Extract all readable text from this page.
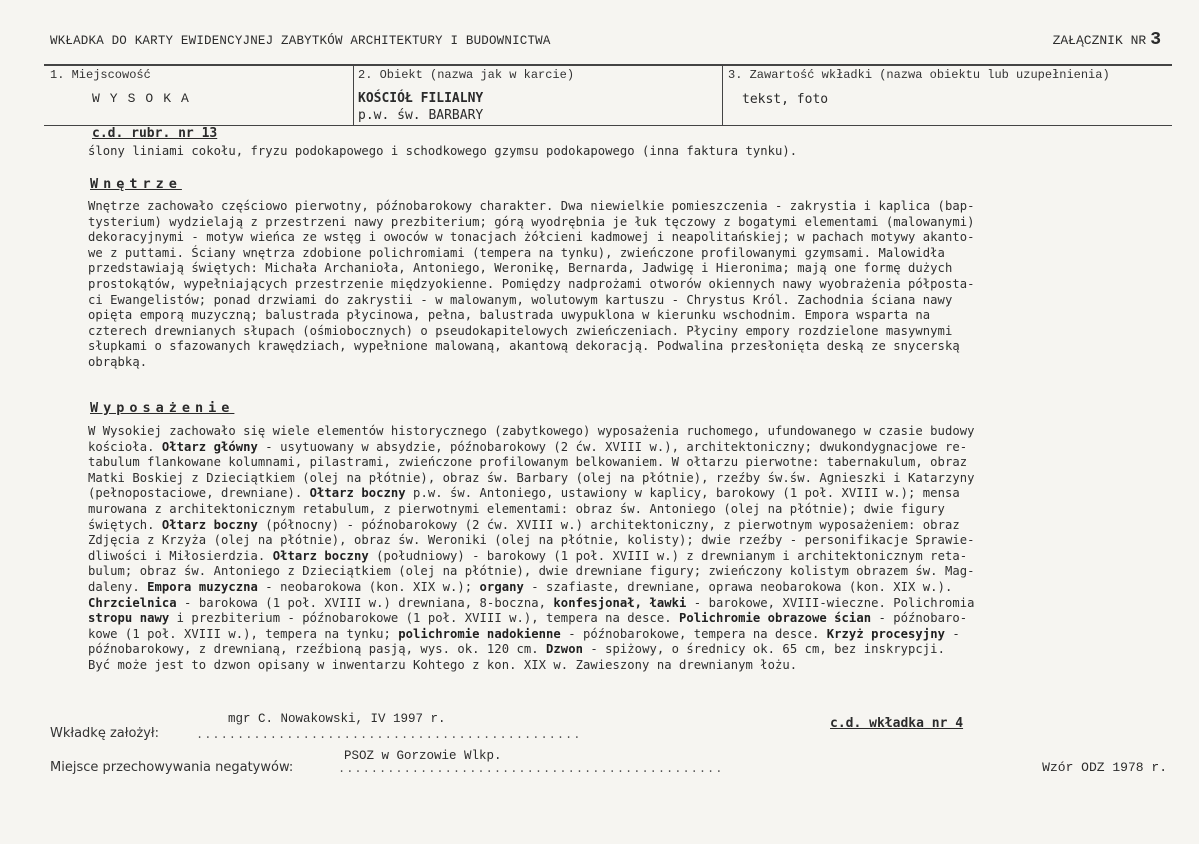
WKŁADKA DO KARTY EWIDENCYJNEJ ZABYTKÓW ARCHITEKTURY I BUDOWNICTWA	ZAŁĄCZNIK NR 3
1. Miejscowość
WYSOKA
2. Obiekt (nazwa jak w karcie)
KOŚCIÓŁ FILIALNY
p.w. św. BARBARY
3. Zawartość wkładki (nazwa obiektu lub uzupełnienia)
tekst, foto
c.d. rubr. nr 13
ślony liniami cokołu, fryzu podokapowego i schodkowego gzymsu podokapowego (inna faktura tynku).
Wnętrze
Wnętrze zachowało częściowo pierwotny, późnobarokowy charakter. Dwa niewielkie pomieszczenia - zakrystia i kaplica (bap-
tysterium) wydzielają z przestrzeni nawy prezbiterium; górą wyodrębnia je łuk tęczowy z bogatymi elementami (malowanymi)
dekoracyjnymi - motyw wieńca ze wstęg i owoców w tonacjach żółcieni kadmowej i neapolitańskiej; w pachach motywy akanto-
we z puttami. Ściany wnętrza zdobione polichromiami (tempera na tynku), zwieńczone profilowanymi gzymsami. Malowidła
przedstawiają świętych: Michała Archanioła, Antoniego, Weronikę, Bernarda, Jadwigę i Hieronima; mają one formę dużych
prostokątów, wypełniających przestrzenie międzyokienne. Pomiędzy nadprożami otworów okiennych nawy wyobrażenia półposta-
ci Ewangelistów; ponad drzwiami do zakrystii - w malowanym, wolutowym kartuszu - Chrystus Król. Zachodnia ściana nawy
opięta emporą muzyczną; balustrada płycinowa, pełna, balustrada uwypuklona w kierunku wschodnim. Empora wsparta na
czterech drewnianych słupach (ośmiobocznych) o pseudokapitelowych zwieńczeniach. Płyciny empory rozdzielone masywnymi
słupkami o sfazowanych krawędziach, wypełnione malowaną, akantową dekoracją. Podwalina przesłonięta deską ze snycerską
obrąbką.
Wyposażenie
W Wysokiej zachowało się wiele elementów historycznego (zabytkowego) wyposażenia ruchomego, ufundowanego w czasie budowy
kościoła. Ołtarz główny - usytuowany w absydzie, późnobarokowy (2 ćw. XVIII w.), architektoniczny; dwukondygnacjowe re-
tabulum flankowane kolumnami, pilastrami, zwieńczone profilowanym belkowaniem. W ołtarzu pierwotne: tabernakulum, obraz
Matki Boskiej z Dzieciątkiem (olej na płótnie), obraz św. Barbary (olej na płótnie), rzeźby św.św. Agnieszki i Katarzyny
(pełnopostaciowe, drewniane). Ołtarz boczny p.w. św. Antoniego, ustawiony w kaplicy, barokowy (1 poł. XVIII w.); mensa
murowana z architektonicznym retabulum, z pierwotnymi elementami: obraz św. Antoniego (olej na płótnie); dwie figury
świętych. Ołtarz boczny (północny) - późnobarokowy (2 ćw. XVIII w.) architektoniczny, z pierwotnym wyposażeniem: obraz
Zdjęcia z Krzyża (olej na płótnie), obraz św. Weroniki (olej na płótnie, kolisty); dwie rzeźby - personifikacje Sprawie-
dliwości i Miłosierdzia. Ołtarz boczny (południowy) - barokowy (1 poł. XVIII w.) z drewnianym i architektonicznym reta-
bulum; obraz św. Antoniego z Dzieciątkiem (olej na płótnie), dwie drewniane figury; zwieńczony kolistym obrazem św. Mag-
daleny. Empora muzyczna - neobarokowa (kon. XIX w.); organy - szafiaste, drewniane, oprawa neobarokowa (kon. XIX w.).
Chrzcielnica - barokowa (1 poł. XVIII w.) drewniana, 8-boczna, konfesjonał, ławki - barokowe, XVIII-wieczne. Polichromia
stropu nawy i prezbiterium - późnobarokowe (1 poł. XVIII w.), tempera na desce. Polichromie obrazowe ścian - późnobaro-
kowe (1 poł. XVIII w.), tempera na tynku; polichromie nadokienne - późnobarokowe, tempera na desce. Krzyż procesyjny -
późnobarokowy, z drewnianą, rzeźbioną pasją, wys. ok. 120 cm. Dzwon - spiżowy, o średnicy ok. 65 cm, bez inskrypcji.
Być może jest to dzwon opisany w inwentarzu Kohtego z kon. XIX w. Zawieszony na drewnianym łożu.
Wkładkę założył:
mgr C. Nowakowski, IV 1997 r.
...............................................
c.d. wkładka nr 4
Miejsce przechowywania negatywów:
PSOZ w Gorzowie Wlkp.
...............................................	Wzór ODZ 1978 r.
